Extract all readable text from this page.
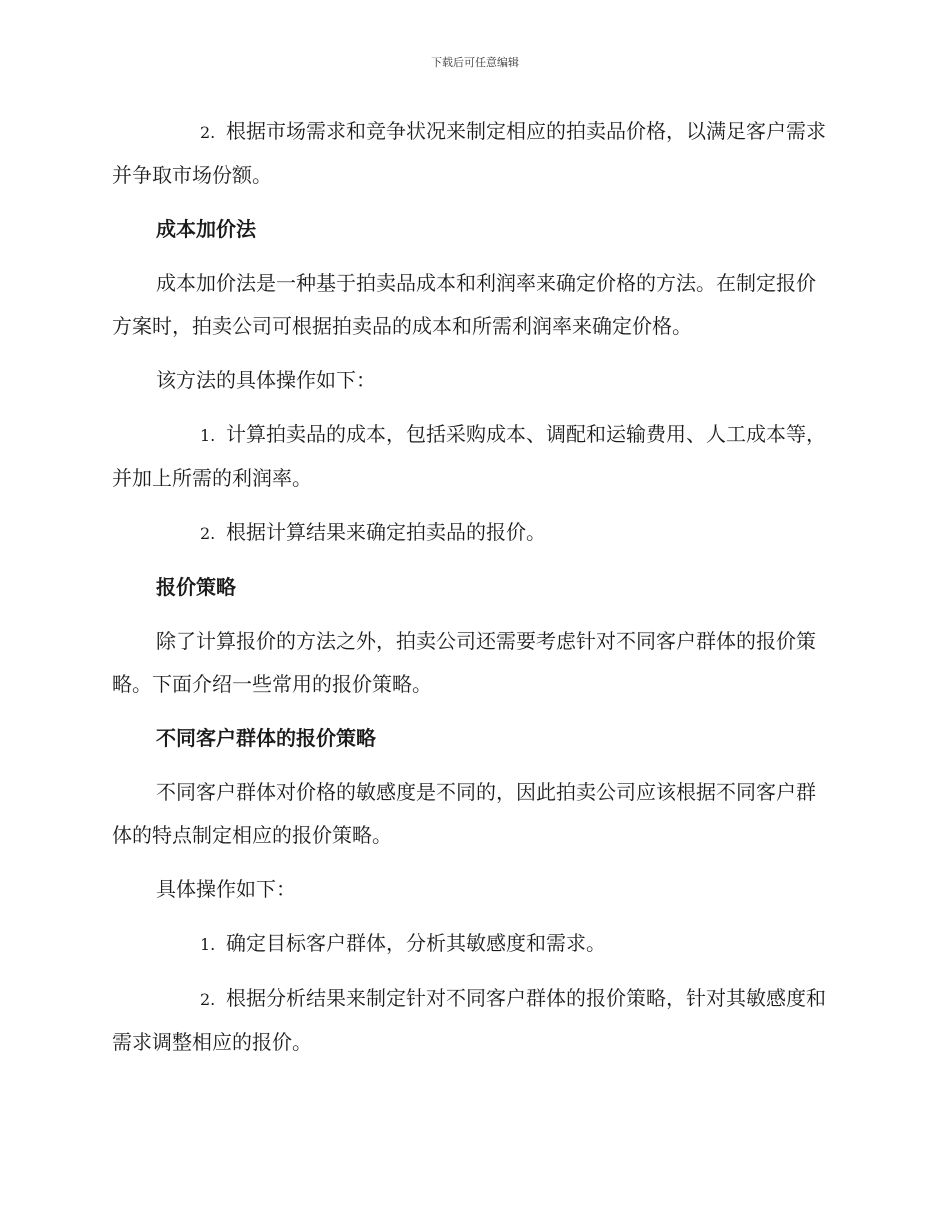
下载后可任意编辑

2. 根据市场需求和竞争状况来制定相应的拍卖品价格，以满足客户需求并争取市场份额。

成本加价法

成本加价法是一种基于拍卖品成本和利润率来确定价格的方法。在制定报价方案时，拍卖公司可根据拍卖品的成本和所需利润率来确定价格。

该方法的具体操作如下：

1. 计算拍卖品的成本，包括采购成本、调配和运输费用、人工成本等，并加上所需的利润率。

2. 根据计算结果来确定拍卖品的报价。

报价策略

除了计算报价的方法之外，拍卖公司还需要考虑针对不同客户群体的报价策略。下面介绍一些常用的报价策略。

不同客户群体的报价策略

不同客户群体对价格的敏感度是不同的，因此拍卖公司应该根据不同客户群体的特点制定相应的报价策略。

具体操作如下：

1. 确定目标客户群体，分析其敏感度和需求。

2. 根据分析结果来制定针对不同客户群体的报价策略，针对其敏感度和需求调整相应的报价。
